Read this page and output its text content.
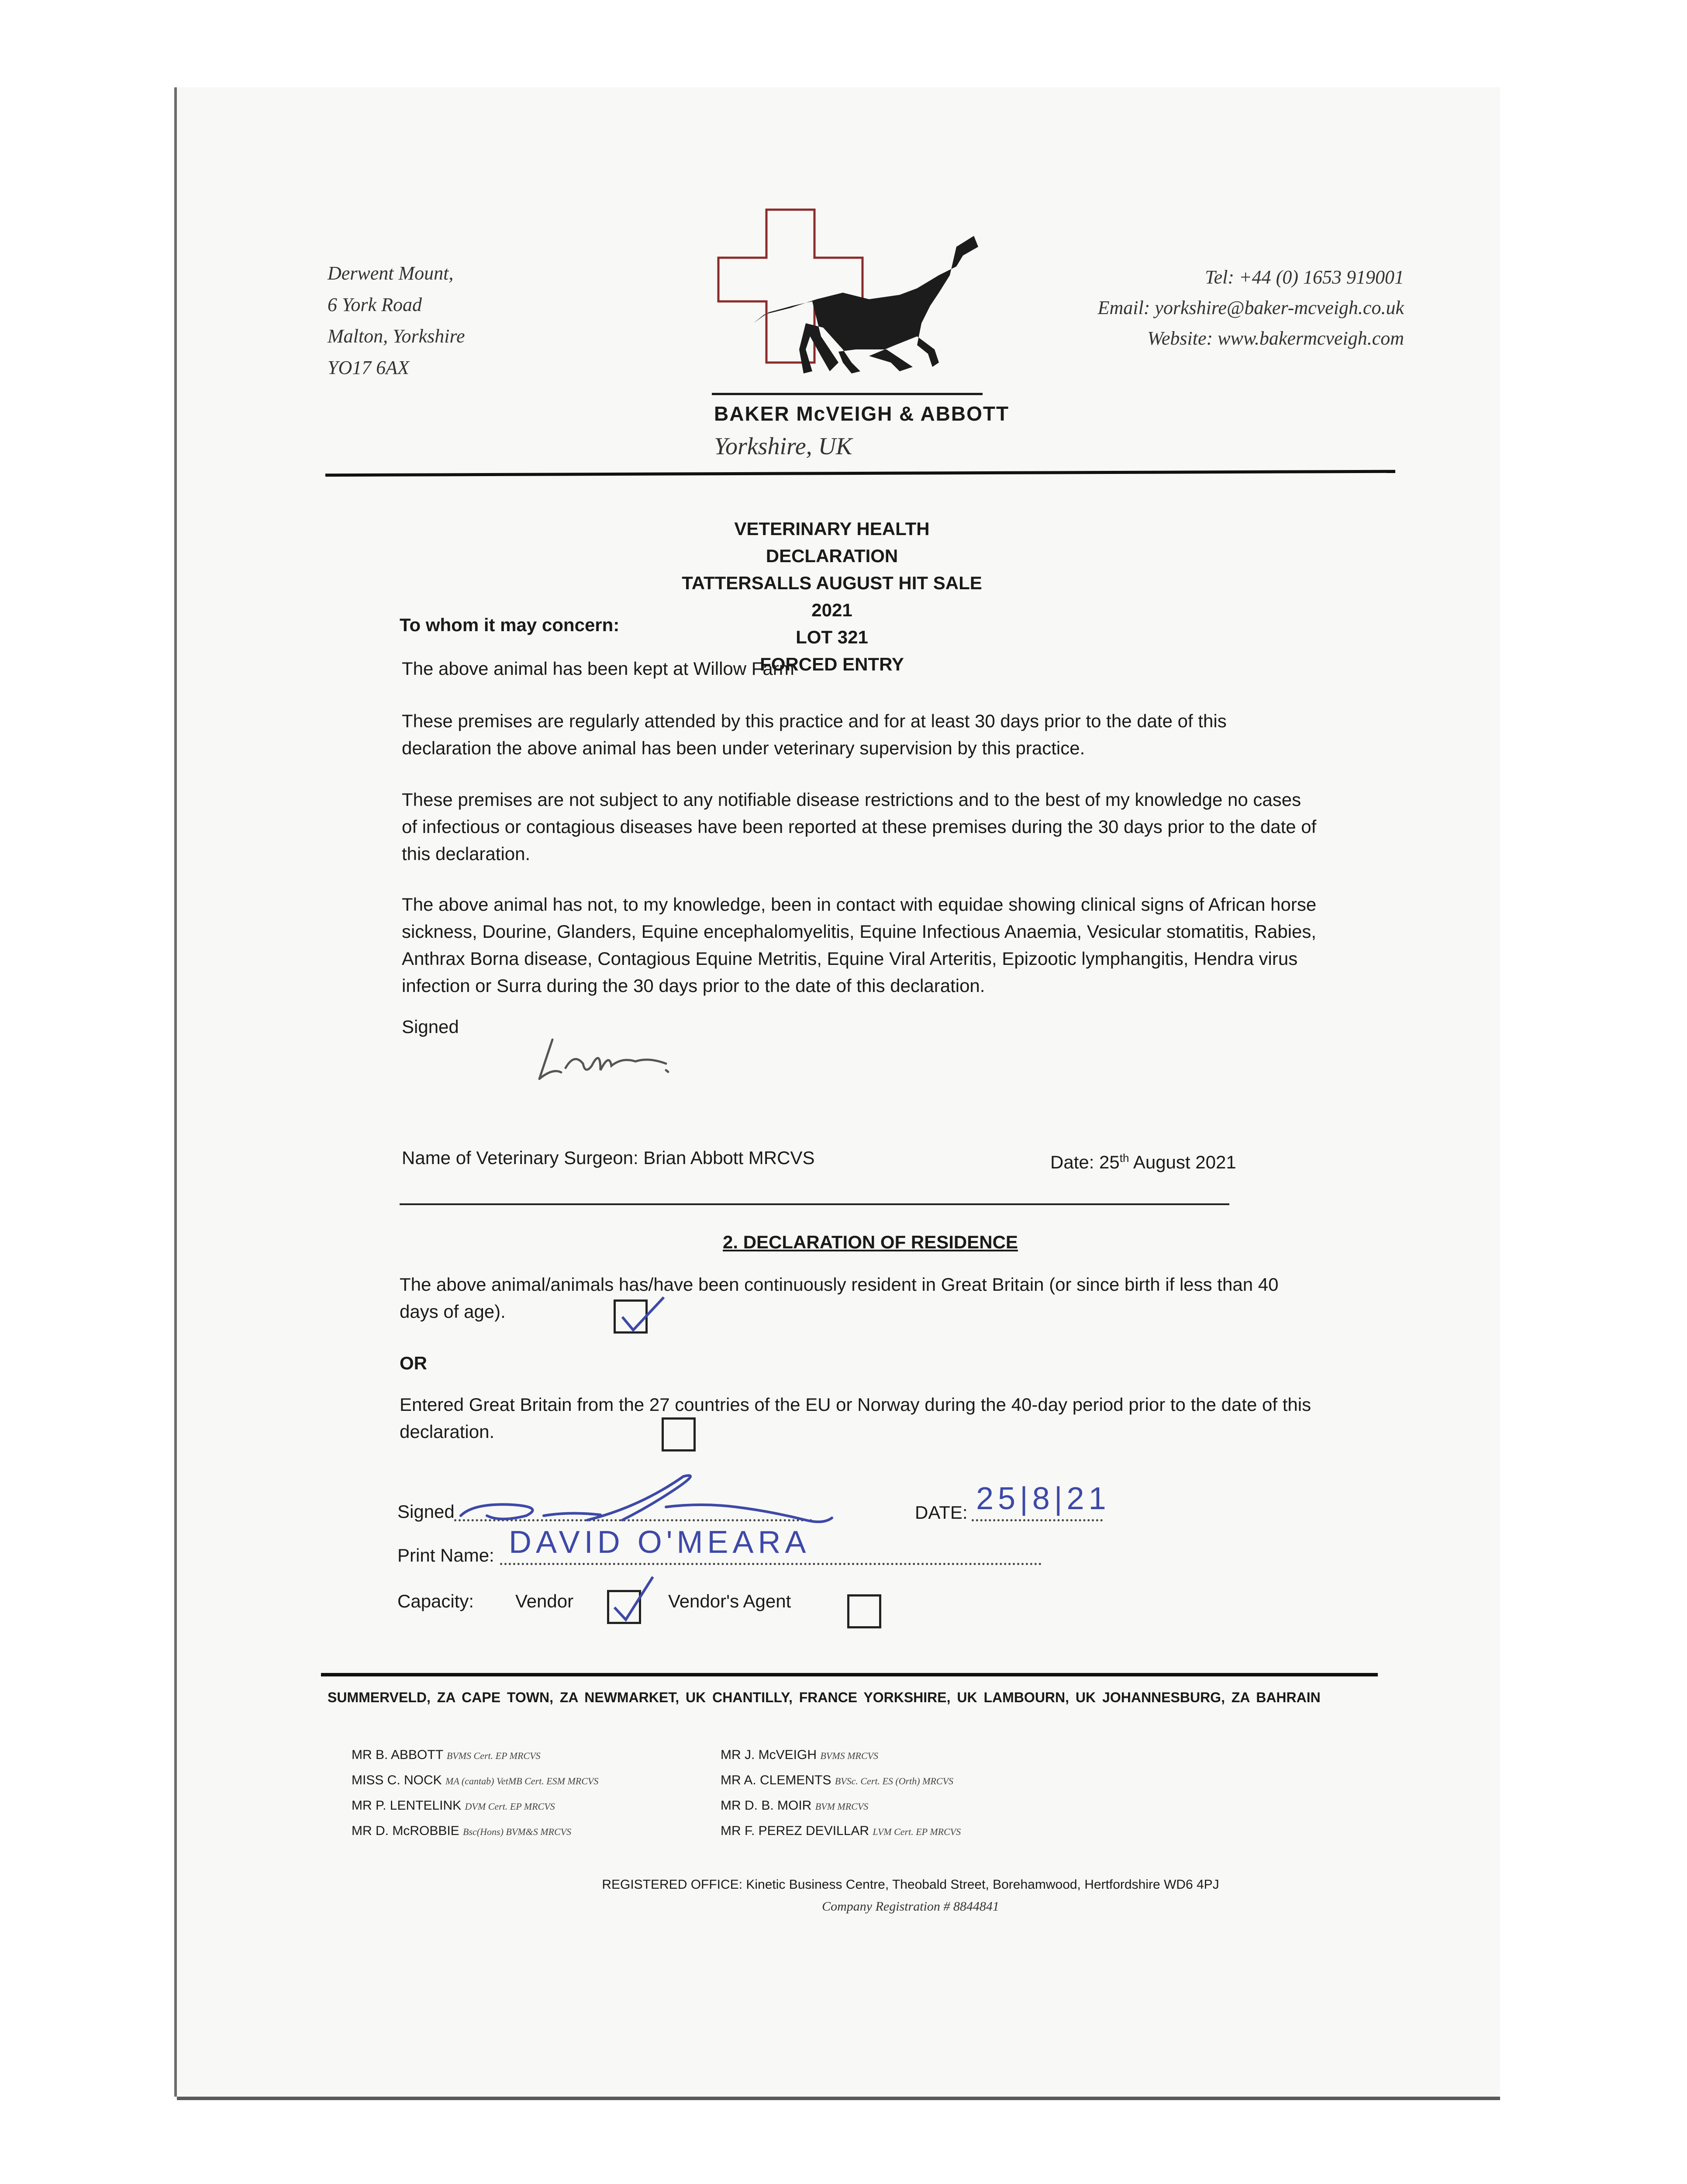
Derwent Mount,
6 York Road
Malton, Yorkshire
YO17 6AX
BAKER McVEIGH & ABBOTT
Yorkshire, UK
Tel: +44 (0) 1653 919001
Email: yorkshire@baker-mcveigh.co.uk
Website: www.bakermcveigh.com
VETERINARY HEALTH DECLARATION
TATTERSALLS AUGUST HIT SALE 2021
LOT 321
FORCED ENTRY
To whom it may concern:
The above animal has been kept at Willow Farm
These premises are regularly attended by this practice and for at least 30 days prior to the date of this declaration the above animal has been under veterinary supervision by this practice.
These premises are not subject to any notifiable disease restrictions and to the best of my knowledge no cases of infectious or contagious diseases have been reported at these premises during the 30 days prior to the date of this declaration.
The above animal has not, to my knowledge, been in contact with equidae showing clinical signs of African horse sickness, Dourine, Glanders, Equine encephalomyelitis, Equine Infectious Anaemia, Vesicular stomatitis, Rabies, Anthrax Borna disease, Contagious Equine Metritis, Equine Viral Arteritis, Epizootic lymphangitis, Hendra virus infection or Surra during the 30 days prior to the date of this declaration.
Signed
Name of Veterinary Surgeon: Brian Abbott MRCVS	Date: 25th August 2021
2. DECLARATION OF RESIDENCE
The above animal/animals has/have been continuously resident in Great Britain (or since birth if less than 40 days of age).
OR
Entered Great Britain from the 27 countries of the EU or Norway during the 40-day period prior to the date of this declaration.
Signed	DATE: 25|8|21
Print Name: DAVID O'MEARA
Capacity: Vendor	Vendor's Agent
SUMMERVELD, ZA CAPE TOWN, ZA NEWMARKET, UK CHANTILLY, FRANCE YORKSHIRE, UK LAMBOURN, UK JOHANNESBURG, ZA BAHRAIN
MR B. ABBOTT BVMS Cert. EP MRCVS
MISS C. NOCK MA (cantab) VetMB Cert. ESM MRCVS
MR P. LENTELINK DVM Cert. EP MRCVS
MR D. McROBBIE Bsc(Hons) BVM&S MRCVS
MR J. McVEIGH BVMS MRCVS
MR A. CLEMENTS BVSc. Cert. ES (Orth) MRCVS
MR D. B. MOIR BVM MRCVS
MR F. PEREZ DEVILLAR LVM Cert. EP MRCVS
REGISTERED OFFICE: Kinetic Business Centre, Theobald Street, Borehamwood, Hertfordshire WD6 4PJ
Company Registration # 8844841
